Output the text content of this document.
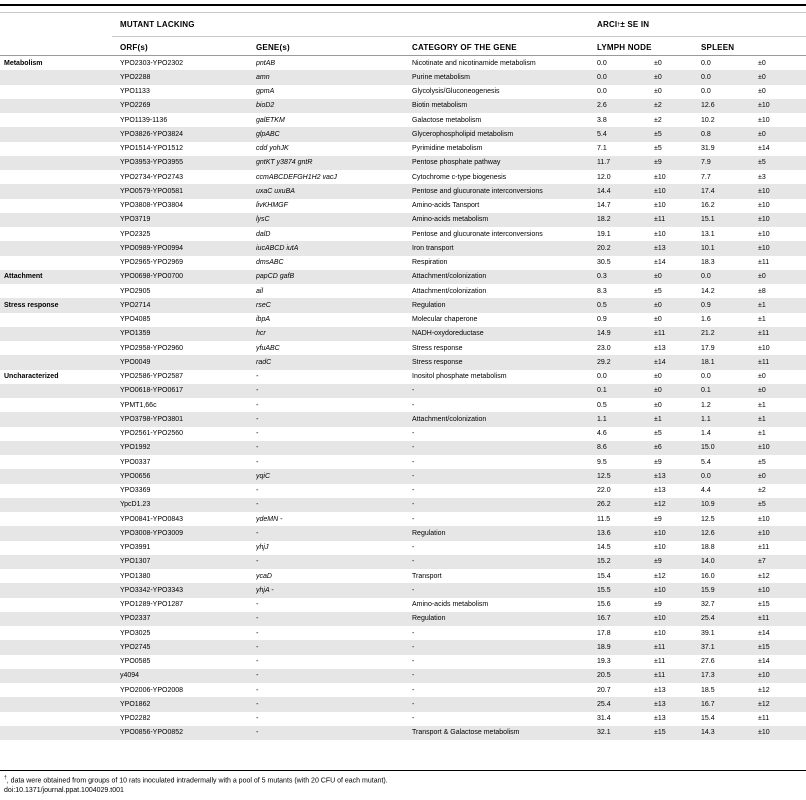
MUTANT LACKING	ARCI † ± SE IN
ORF(s)	GENE(s)	CATEGORY OF THE GENE	LYMPH NODE	SPLEEN
Metabolism	YPO2303-YPO2302	pntAB	Nicotinate and nicotinamide metabolism	0.0	±0	0.0	±0
YPO2288	amn	Purine metabolism	0.0	±0	0.0	±0
YPO1133	gpmA	Glycolysis/Gluconeogenesis	0.0	±0	0.0	±0
YPO2269	bioD2	Biotin metabolism	2.6	±2	12.6	±10
YPO1139-1136	galETKM	Galactose metabolism	3.8	±2	10.2	±10
YPO3826-YPO3824	glpABC	Glycerophospholipid metabolism	5.4	±5	0.8	±0
YPO1514-YPO1512	cdd yohJK	Pyrimidine metabolism	7.1	±5	31.9	±14
YPO3953-YPO3955	gntKT y3874 gntR	Pentose phosphate pathway	11.7	±9	7.9	±5
YPO2734-YPO2743	ccmABCDEFGH1H2 vacJ	Cytochrome c-type biogenesis	12.0	±10	7.7	±3
YPO0579-YPO0581	uxaC uxuBA	Pentose and glucuronate interconversions	14.4	±10	17.4	±10
YPO3808-YPO3804	livKHMGF	Amino-acids Tansport	14.7	±10	16.2	±10
YPO3719	lysC	Amino-acids metabolism	18.2	±11	15.1	±10
YPO2325	dalD	Pentose and glucuronate interconversions	19.1	±10	13.1	±10
YPO0989-YPO0994	iucABCD iutA	Iron transport	20.2	±13	10.1	±10
YPO2965-YPO2969	dmsABC	Respiration	30.5	±14	18.3	±11
Attachment	YPO0698-YPO0700	papCD gafB	Attachment/colonization	0.3	±0	0.0	±0
YPO2905	ail	Attachment/colonization	8.3	±5	14.2	±8
Stress response	YPO2714	rseC	Regulation	0.5	±0	0.9	±1
YPO4085	ibpA	Molecular chaperone	0.9	±0	1.6	±1
YPO1359	hcr	NADH-oxydoreductase	14.9	±11	21.2	±11
YPO2958-YPO2960	yfuABC	Stress response	23.0	±13	17.9	±10
YPO0049	radC	Stress response	29.2	±14	18.1	±11
Uncharacterized	YPO2586-YPO2587	-	Inositol phosphate metabolism	0.0	±0	0.0	±0
YPO0618-YPO0617	-	-	0.1	±0	0.1	±0
YPMT1,66c	-	-	0.5	±0	1.2	±1
YPO3798-YPO3801	-	Attachment/colonization	1.1	±1	1.1	±1
YPO2561-YPO2560	-	-	4.6	±5	1.4	±1
YPO1992	-	-	8.6	±6	15.0	±10
YPO0337	-	-	9.5	±9	5.4	±5
YPO0656	yqiC	-	12.5	±13	0.0	±0
YPO3369	-	-	22.0	±13	4.4	±2
YpcD1.23	-	-	26.2	±12	10.9	±5
YPO0841-YPO0843	ydeMN -	-	11.5	±9	12.5	±10
YPO3008-YPO3009	-	Regulation	13.6	±10	12.6	±10
YPO3991	yhjJ	-	14.5	±10	18.8	±11
YPO1307	-	-	15.2	±9	14.0	±7
YPO1380	ycaD	Transport	15.4	±12	16.0	±12
YPO3342-YPO3343	yhjA -	-	15.5	±10	15.9	±10
YPO1289-YPO1287	-	Amino-acids metabolism	15.6	±9	32.7	±15
YPO2337	-	Regulation	16.7	±10	25.4	±11
YPO3025	-	-	17.8	±10	39.1	±14
YPO2745	-	-	18.9	±11	37.1	±15
YPO0585	-	-	19.3	±11	27.6	±14
y4094	-	-	20.5	±11	17.3	±10
YPO2006-YPO2008	-	-	20.7	±13	18.5	±12
YPO1862	-	-	25.4	±13	16.7	±12
YPO2282	-	-	31.4	±13	15.4	±11
YPO0856-YPO0852	-	Transport & Galactose metabolism	32.1	±15	14.3	±10
†, data were obtained from groups of 10 rats inoculated intradermally with a pool of 5 mutants (with 20 CFU of each mutant).
doi:10.1371/journal.ppat.1004029.t001
